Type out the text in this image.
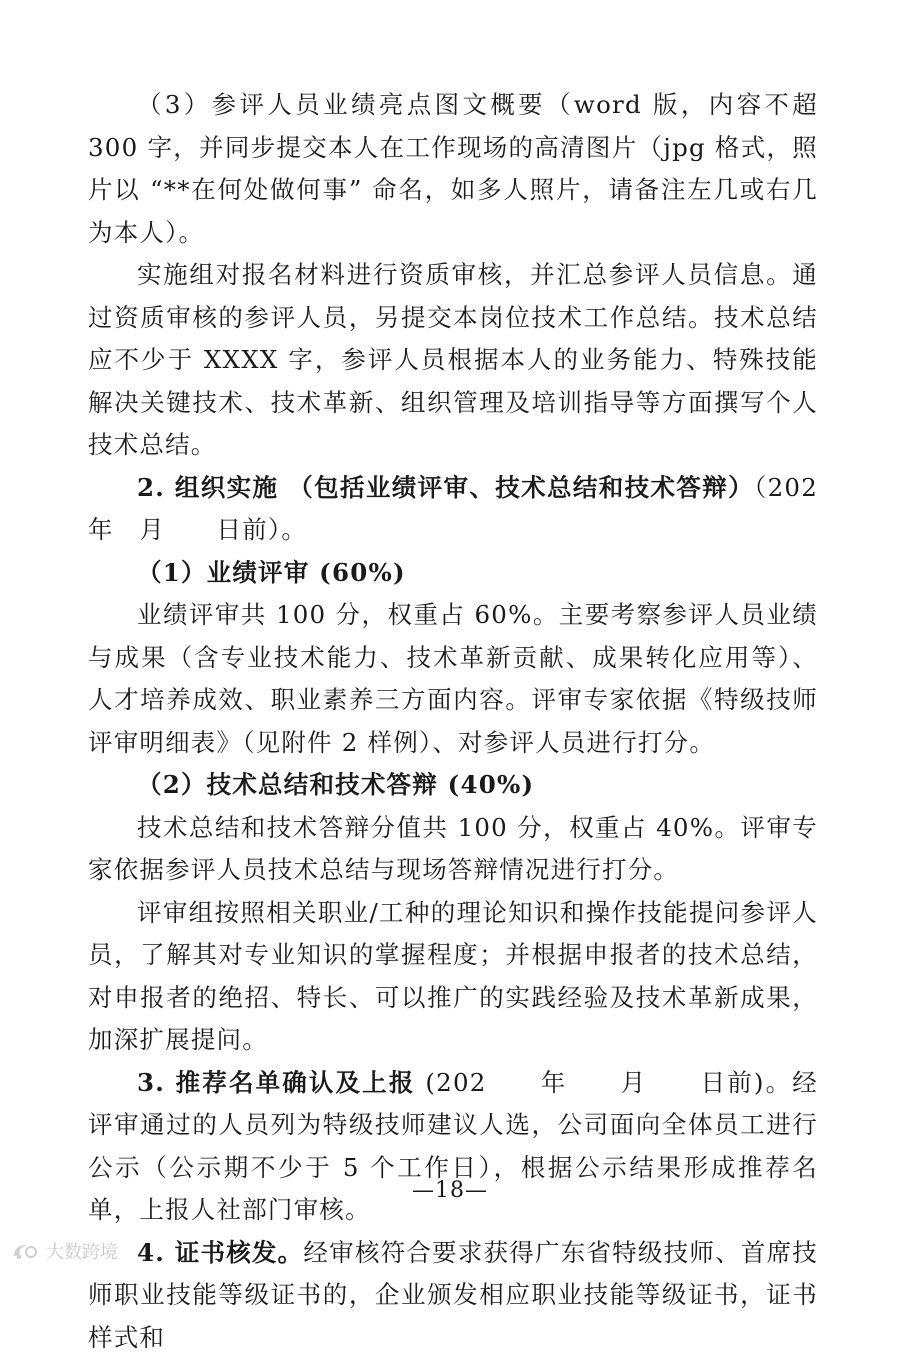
（3）参评人员业绩亮点图文概要（word 版，内容不超 300 字，并同步提交本人在工作现场的高清图片（jpg 格式，照片以 “**在何处做何事” 命名，如多人照片，请备注左几或右几为本人）。

实施组对报名材料进行资质审核，并汇总参评人员信息。通过资质审核的参评人员，另提交本岗位技术工作总结。技术总结应不少于 XXXX 字，参评人员根据本人的业务能力、特殊技能解决关键技术、技术革新、组织管理及培训指导等方面撰写个人技术总结。

2. 组织实施 （包括业绩评审、技术总结和技术答辩）（202　　年　月　　日前）。

（1）业绩评审 (60%)

业绩评审共 100 分，权重占 60%。主要考察参评人员业绩与成果（含专业技术能力、技术革新贡献、成果转化应用等）、人才培养成效、职业素养三方面内容。评审专家依据《特级技师评审明细表》（见附件 2 样例）、对参评人员进行打分。

（2）技术总结和技术答辩 (40%)

技术总结和技术答辩分值共 100 分，权重占 40%。评审专家依据参评人员技术总结与现场答辩情况进行打分。

评审组按照相关职业/工种的理论知识和操作技能提问参评人员，了解其对专业知识的掌握程度；并根据申报者的技术总结，对申报者的绝招、特长、可以推广的实践经验及技术革新成果，加深扩展提问。

3. 推荐名单确认及上报 (202　　年　　月　　日前)。经评审通过的人员列为特级技师建议人选，公司面向全体员工进行公示（公示期不少于 5 个工作日），根据公示结果形成推荐名单，上报人社部门审核。

4. 证书核发。经审核符合要求获得广东省特级技师、首席技师职业技能等级证书的，企业颁发相应职业技能等级证书，证书样式和

—18—
大数跨境
